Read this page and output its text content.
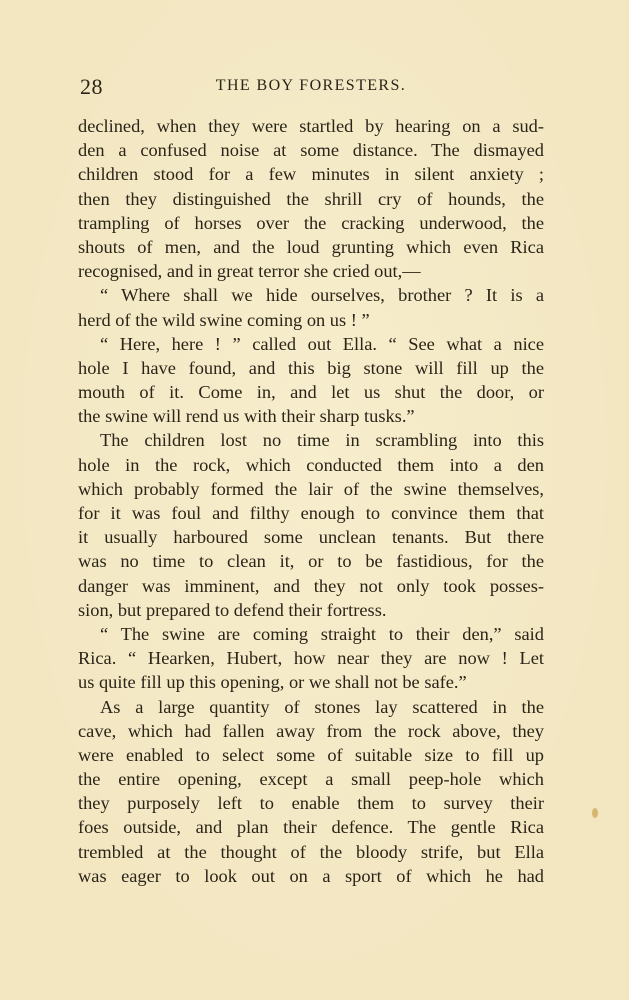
28	THE BOY FORESTERS.
declined, when they were startled by hearing on a sud-
den a confused noise at some distance. The dismayed
children stood for a few minutes in silent anxiety ;
then they distinguished the shrill cry of hounds, the
trampling of horses over the cracking underwood, the
shouts of men, and the loud grunting which even Rica
recognised, and in great terror she cried out,—
“ Where shall we hide ourselves, brother ? It is a
herd of the wild swine coming on us ! ”
“ Here, here ! ” called out Ella. “ See what a nice
hole I have found, and this big stone will fill up the
mouth of it. Come in, and let us shut the door, or
the swine will rend us with their sharp tusks.”
The children lost no time in scrambling into this
hole in the rock, which conducted them into a den
which probably formed the lair of the swine themselves,
for it was foul and filthy enough to convince them that
it usually harboured some unclean tenants. But there
was no time to clean it, or to be fastidious, for the
danger was imminent, and they not only took posses-
sion, but prepared to defend their fortress.
“ The swine are coming straight to their den,” said
Rica. “ Hearken, Hubert, how near they are now ! Let
us quite fill up this opening, or we shall not be safe.”
As a large quantity of stones lay scattered in the
cave, which had fallen away from the rock above, they
were enabled to select some of suitable size to fill up
the entire opening, except a small peep-hole which
they purposely left to enable them to survey their
foes outside, and plan their defence. The gentle Rica
trembled at the thought of the bloody strife, but Ella
was eager to look out on a sport of which he had
